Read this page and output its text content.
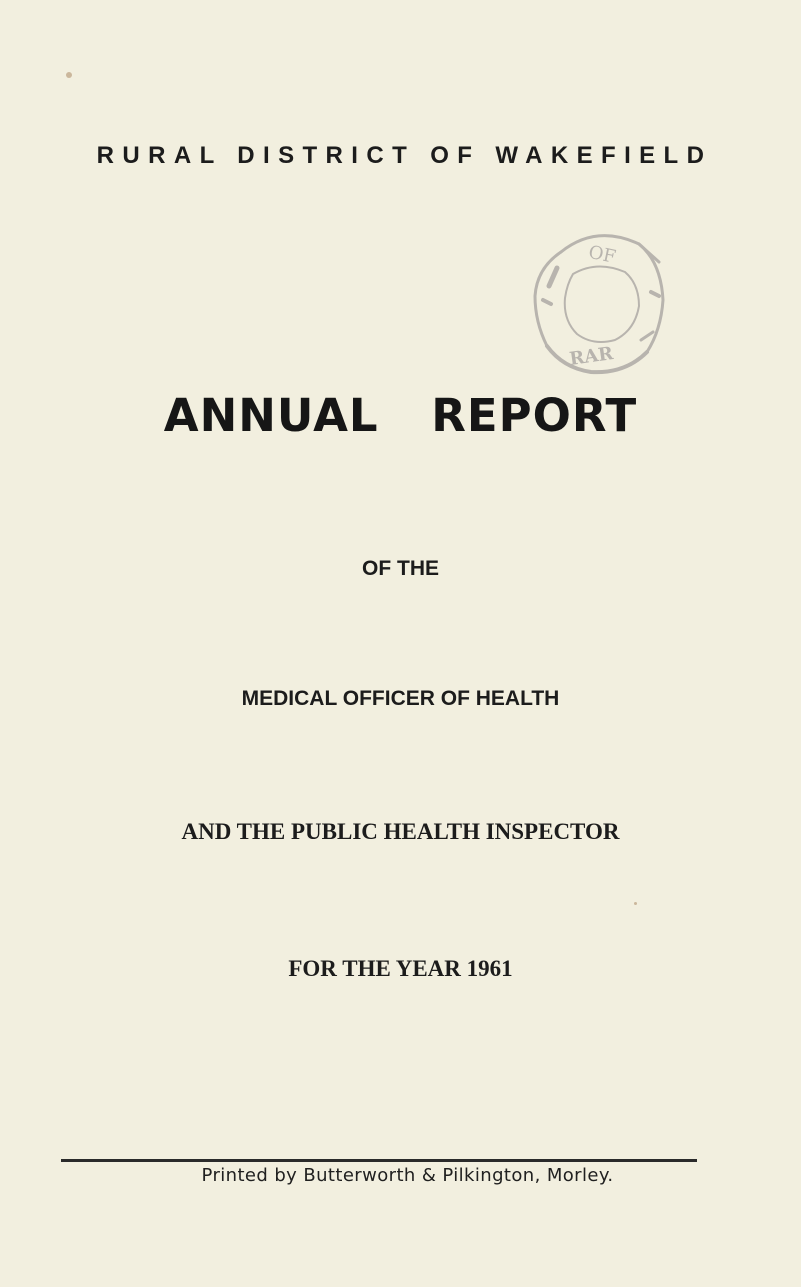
RURAL DISTRICT OF WAKEFIELD
OF
RAR
ANNUAL REPORT

OF THE

MEDICAL OFFICER OF HEALTH

AND THE PUBLIC HEALTH INSPECTOR

FOR THE YEAR 1961

Printed by Butterworth & Pilkington, Morley.
